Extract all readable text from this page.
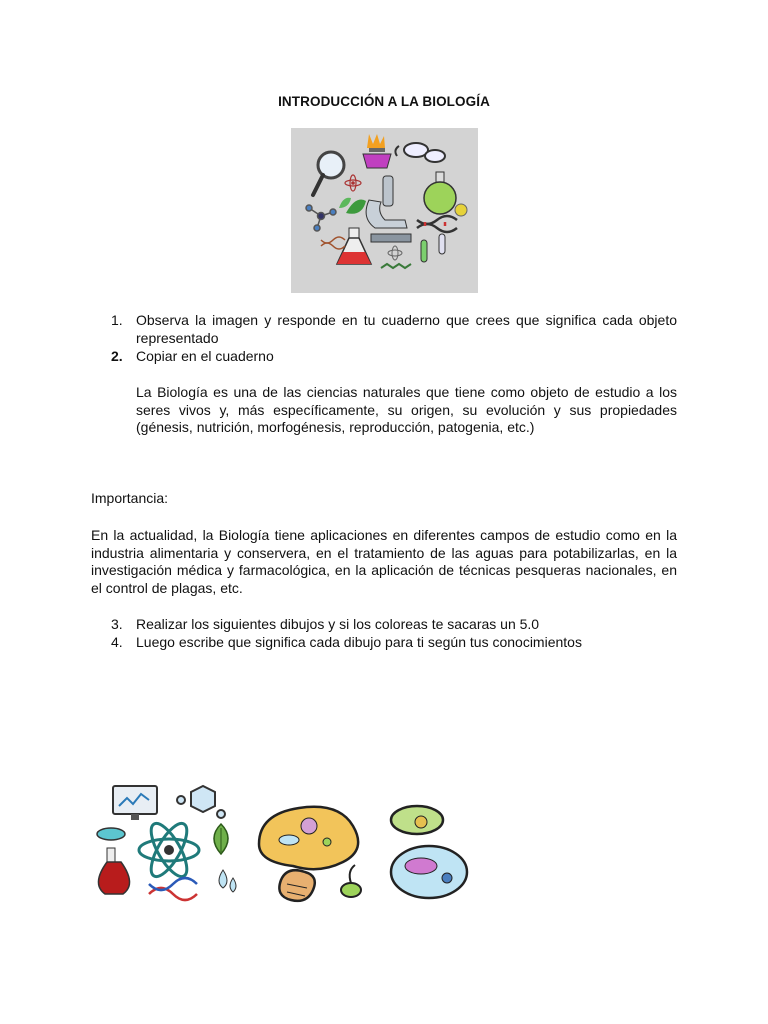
INTRODUCCIÓN A LA BIOLOGÍA
1. Observa la imagen y responde en tu cuaderno que crees que significa cada objeto representado
2. Copiar en el cuaderno
La Biología es una de las ciencias naturales que tiene como objeto de estudio a los seres vivos y, más específicamente, su origen, su evolución y sus propiedades (génesis, nutrición, morfogénesis, reproducción, patogenia, etc.)
Importancia:
En la actualidad, la Biología tiene aplicaciones en diferentes campos de estudio como en la industria alimentaria y conservera, en el tratamiento de las aguas para potabilizarlas, en la investigación médica y farmacológica, en la aplicación de técnicas pesqueras nacionales, en el control de plagas, etc.
3. Realizar los siguientes dibujos y si los coloreas te sacaras un 5.0
4. Luego escribe que significa cada dibujo para ti según tus conocimientos
